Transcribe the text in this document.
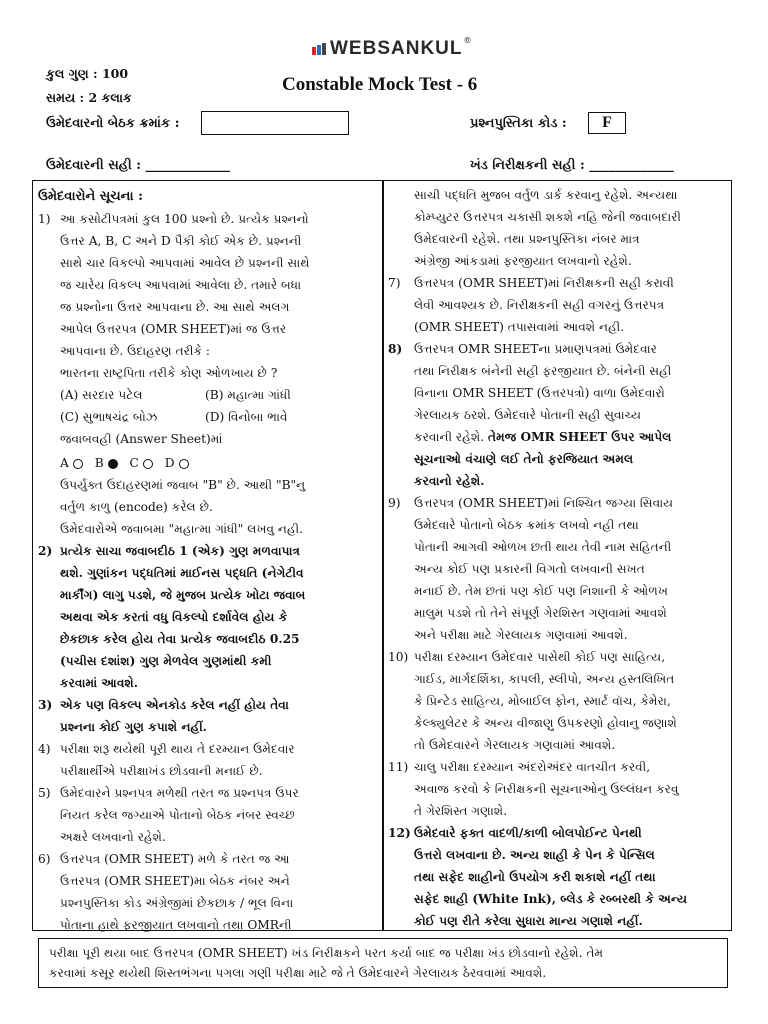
WEBSANKUL ®
કુલ ગુણ : 100
સમય : 2 કલાક
Constable Mock Test - 6
ઉમેદવારનો બેઠક ક્રમાંક :	પ્રશ્નપુસ્તિકા કોડ :	F
ઉમેદવારની સહી : _____________	ખંડ નિરીક્ષકની સહી : _____________

ઉમેદવારોને સૂચના :

1) આ કસોટીપત્રમાં કુલ 100 પ્રશ્નો છે. પ્રત્યેક પ્રશ્નનો

ઉત્તર A, B, C અને D પૈકી કોઈ એક છે. પ્રશ્નની

સાથે ચાર વિકલ્પો આપવામાં આવેલ છે પ્રશ્નની સાથે

જ ચારેય વિકલ્પ આપવામાં આવેલા છે. તમારે બધા

જ પ્રશ્નોના ઉત્તર આપવાના છે. આ સાથે અલગ

આપેલ ઉત્તરપત્ર (OMR SHEET)માં જ ઉત્તર

આપવાના છે. ઉદાહરણ તરીકે :

ભારતના રાષ્ટ્રપિતા તરીકે કોણ ઓળખાય છે ?

(A) સરદાર પટેલ	(B) મહાત્મા ગાંધી
(C) સુભાષચંદ્ર બોઝ	(D) વિનોબા ભાવે

જવાબવહી (Answer Sheet)માં

A B C D

ઉપર્યુક્ત ઉદાહરણમાં જવાબ "B" છે. આથી "B"નુ

વર્તુળ કાળુ (encode) કરેલ છે.

ઉમેદવારોએ જવાબમા "મહાત્મા ગાંધી" લખવુ નહી.

2) પ્રત્યેક સાચા જવાબદીઠ 1 (એક) ગુણ મળવાપાત્ર

થશે. ગુણાંકન પદ્ધતિમાં માઈનસ પદ્ધતિ (નેગેટીવ

માર્કીંગ) લાગુ પડશે, જે મુજબ પ્રત્યેક ખોટા જવાબ

અથવા એક કરતાં વધુ વિકલ્પો દર્શાવેલ હોય કે

છેકછાક કરેલ હોય તેવા પ્રત્યેક જવાબદીઠ 0.25

(પચીસ દશાંશ) ગુણ મેળવેલ ગુણમાંથી કમી

કરવામાં આવશે.

3) એક પણ વિકલ્પ એનકોડ કરેલ નહીં હોય તેવા

પ્રશ્નના કોઈ ગુણ કપાશે નહીં.

4) પરીક્ષા શરૂ થયેથી પૂરી થાય તે દરમ્યાન ઉમેદવાર

પરીક્ષાર્થીએ પરીક્ષાખંડ છોડવાની મનાઈ છે.

5) ઉમેદવારને પ્રશ્નપત્ર મળેથી તરત જ પ્રશ્નપત્ર ઉપર

નિયત કરેલ જગ્યાએ પોતાનો બેઠક નંબર સ્વચ્છ

અક્ષરે લખવાનો રહેશે.

6) ઉત્તરપત્ર (OMR SHEET) મળે કે તરત જ આ

ઉત્તરપત્ર (OMR SHEET)મા બેઠક નંબર અને

પ્રશ્નપુસ્તિકા કોડ અંગ્રેજીમાં છેકછાક / ભૂલ વિના

પોતાના હાથે ફરજીયાત લખવાનો તથા OMRની

સાચી પદ્ધતિ મુજબ વર્તુળ ડાર્ક કરવાનુ રહેશે. અન્યથા

કોમ્પ્યુટર ઉત્તરપત્ર ચકાસી શકશે નહિ જેની જવાબદારી

ઉમેદવારની રહેશે. તથા પ્રશ્નપુસ્તિકા નંબર માત્ર

અંગ્રેજી આંકડામાં ફરજીયાત લખવાનો રહેશે.

7)	ઉત્તરપત્ર (OMR SHEET)માં નિરીક્ષકની સહી કરાવી

લેવી આવશ્યક છે. નિરીક્ષકની સહી વગરનું ઉત્તરપત્ર

(OMR SHEET) તપાસવામાં આવશે નહી.

8) ઉત્તરપત્ર OMR SHEETના પ્રમાણપત્રમાં ઉમેદવાર

તથા નિરીક્ષક બંનેની સહી ફરજીયાત છે. બંનેની સહી

વિનાના OMR SHEET (ઉત્તરપત્રો) વાળા ઉમેદવારો

ગેરલાયક ઠરશે. ઉમેદવારે પોતાની સહી સુવાચ્ય

કરવાની રહેશે. તેમજ OMR SHEET ઉપર આપેલ

સૂચનાઓ વંચાણે લઈ તેનો ફરજિયાત અમલ

કરવાનો રહેશે.

9)	ઉત્તરપત્ર (OMR SHEET)માં નિશ્ચિત જગ્યા સિવાય

ઉમેદવારે પોતાનો બેઠક ક્રમાંક લખવો નહી તથા

પોતાની આગવી ઓળખ છતી થાય તેવી નામ સહિતની

અન્ય કોઈ પણ પ્રકારની વિગતો લખવાની સખત

મનાઈ છે. તેમ છતાં પણ કોઈ પણ નિશાની કે ઓળખ

માલુમ પડશે તો તેને સંપૂર્ણ ગેરશિસ્ત ગણવામાં આવશે

અને પરીક્ષા માટે ગેરલાયક ગણવામાં આવશે.

10) પરીક્ષા દરમ્યાન ઉમેદવાર પાસેથી કોઈ પણ સાહિત્ય,

ગાઈડ, માર્ગદર્શિકા, કાપલી, સ્લીપો, અન્ય હસ્તલિખિત

કે પ્રિન્ટેડ સાહિત્ય, મોબાઈલ ફોન, સ્માર્ટ વૉચ, કેમેરા,

કેલ્ક્યુલેટર કે અન્ય વીજાણુ ઉપકરણો હોવાનુ જણાશે

તો ઉમેદવારને ગેરલાયક ગણવામાં આવશે.

11) ચાલુ પરીક્ષા દરમ્યાન અંદરોઅંદર વાતચીત કરવી,

અવાજ કરવો કે નિરીક્ષકની સૂચનાઓનુ ઉલ્લંઘન કરવુ

તે ગેરશિસ્ત ગણાશે.

12) ઉમેદવારે ફક્ત વાદળી/કાળી બોલપોઈન્ટ પેનથી

ઉત્તરો લખવાના છે. અન્ય શાહી કે પેન કે પેન્સિલ

તથા સફેદ શાહીનો ઉપયોગ કરી શકાશે નહીં તથા

સફેદ શાહી (White Ink), બ્લેડ કે રબ્બરથી કે અન્ય

કોઈ પણ રીતે કરેલા સુધારા માન્ય ગણાશે નહીં.

પરીક્ષા પૂરી થયા બાદ ઉત્તરપત્ર (OMR SHEET) ખંડ નિરીક્ષકને પરત કર્યા બાદ જ પરીક્ષા ખંડ છોડવાનો રહેશે. તેમ
કરવામાં કસૂર થયેથી શિસ્તભંગના પગલા ગણી પરીક્ષા માટે જે તે ઉમેદવારને ગેરલાયક ઠેરવવામાં આવશે.
